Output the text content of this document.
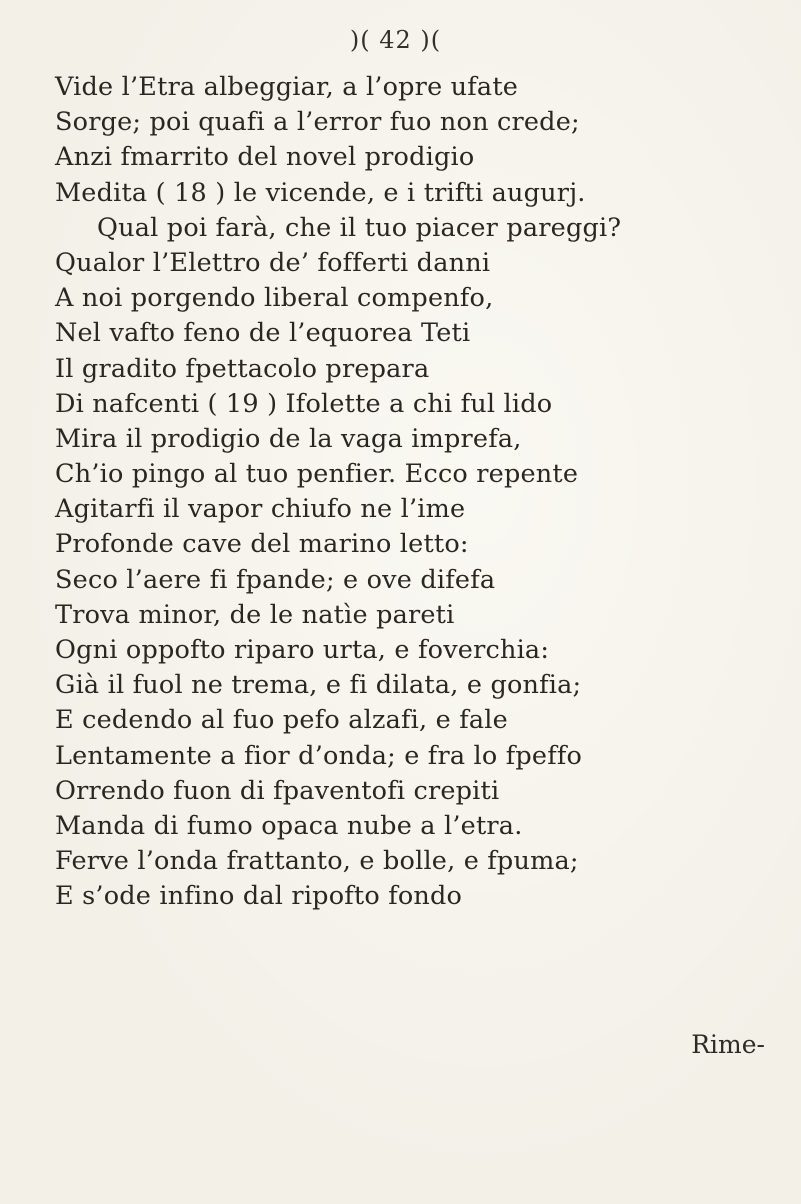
)( 42 )(
Vide l’Etra albeggiar, a l’opre ufate
Sorge; poi quafi a l’error fuo non crede;
Anzi fmarrito del novel prodigio
Medita ( 18 ) le vicende, e i trifti augurj.
Qual poi farà, che il tuo piacer pareggi?
Qualor l’Elettro de’ fofferti danni
A noi porgendo liberal compenfo,
Nel vafto feno de l’equorea Teti
Il gradito fpettacolo prepara
Di nafcenti ( 19 ) Ifolette a chi ful lido
Mira il prodigio de la vaga imprefa,
Ch’io pingo al tuo penfier. Ecco repente
Agitarfi il vapor chiufo ne l’ime
Profonde cave del marino letto:
Seco l’aere fi fpande; e ove difefa
Trova minor, de le natìe pareti
Ogni oppofto riparo urta, e foverchia:
Già il fuol ne trema, e fi dilata, e gonfia;
E cedendo al fuo pefo alzafi, e fale
Lentamente a fior d’onda; e fra lo fpeffo
Orrendo fuon di fpaventofi crepiti
Manda di fumo opaca nube a l’etra.
Ferve l’onda frattanto, e bolle, e fpuma;
E s’ode infino dal ripofto fondo
Rime-
